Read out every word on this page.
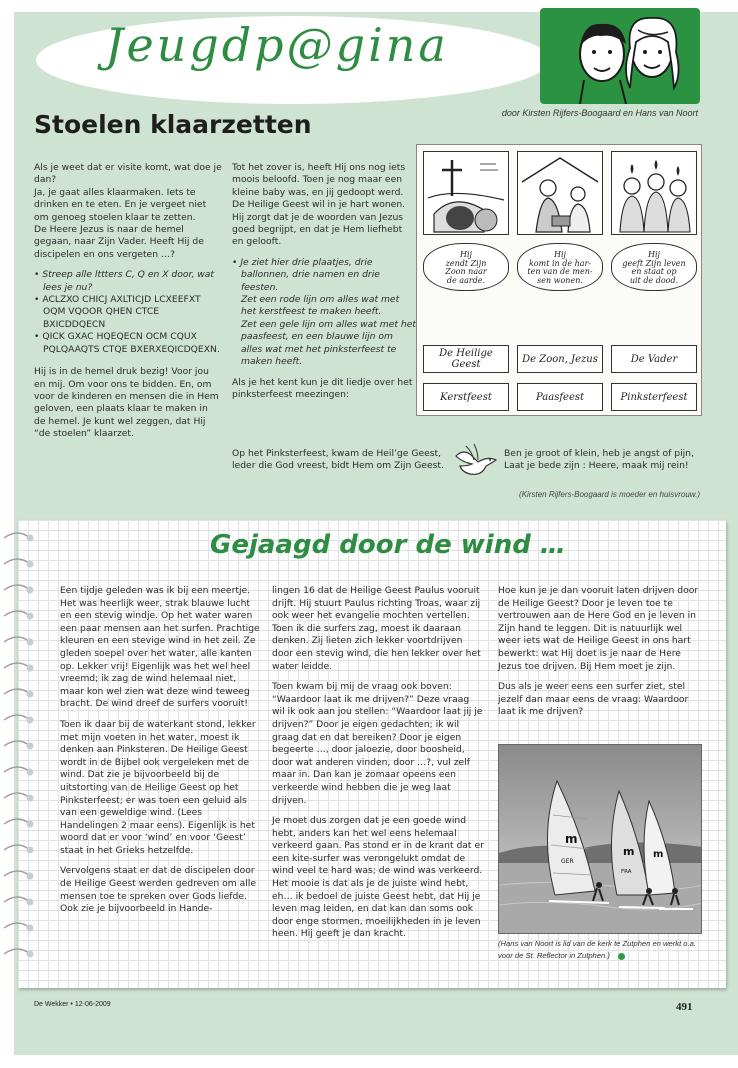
Jeugdp@gina
door Kirsten Rijfers-Boogaard en Hans van Noort
Stoelen klaarzetten

Als je weet dat er visite komt, wat doe je dan?
Ja, je gaat alles klaarmaken. Iets te drinken en te eten. En je vergeet niet om genoeg stoelen klaar te zetten.
De Heere Jezus is naar de hemel gegaan, naar Zijn Vader. Heeft Hij de discipelen en ons vergeten …?

• Streep alle lttters C, Q en X door, wat lees je nu?

• ACLZXO CHICJ AXLTICJD LCXEEFXT OQM VQOOR QHEN CTCE BXICDDQECN

• QICK GXAC HQEQECN OCM CQUX PQLQAAQTS CTQE BXERXEQICDQEXN.

Hij is in de hemel druk bezig! Voor jou en mij. Om voor ons te bidden. En, om voor de kinderen en mensen die in Hem geloven, een plaats klaar te maken in de hemel. Je kunt wel zeggen, dat Hij “de stoelen” klaarzet.

Tot het zover is, heeft Hij ons nog iets moois beloofd. Toen je nog maar een kleine baby was, en jij gedoopt werd. De Heilige Geest wil in je hart wonen. Hij zorgt dat je de woorden van Jezus goed begrijpt, en dat je Hem liefhebt en gelooft.

• Je ziet hier drie plaatjes, drie ballonnen, drie namen en drie feesten.
Zet een rode lijn om alles wat met het kerstfeest te maken heeft.
Zet een gele lijn om alles wat met het paasfeest, en een blauwe lijn om alles wat met het pinksterfeest te maken heeft.

Als je het kent kun je dit liedje over het pinksterfeest meezingen:

Hij
zendt Zijn
Zoon naar
de aarde.
Hij
komt in de har-
ten van de men-
sen wonen.
Hij
geeft Zijn leven
en staat op
uit de dood.
De Heilige Geest	De Zoon, Jezus	De Vader
Kerstfeest	Paasfeest	Pinksterfeest
Op het Pinksterfeest, kwam de Heil’ge Geest,
leder die God vreest, bidt Hem om Zijn Geest.
Ben je groot of klein, heb je angst of pijn,
Laat je bede zijn : Heere, maak mij rein!
(Kirsten Rijfers-Boogaard is moeder en huisvrouw.)
Gejaagd door de wind …

Een tijdje geleden was ik bij een meertje. Het was heerlijk weer, strak blauwe lucht en een stevig windje. Op het water waren een paar mensen aan het surfen. Prachtige kleuren en een stevige wind in het zeil. Ze gleden soepel over het water, alle kanten op. Lekker vrij! Eigenlijk was het wel heel vreemd; ik zag de wind helemaal niet, maar kon wel zien wat deze wind teweeg bracht. De wind dreef de surfers vooruit!

Toen ik daar bij de waterkant stond, lekker met mijn voeten in het water, moest ik denken aan Pinksteren. De Heilige Geest wordt in de Bijbel ook vergeleken met de wind. Dat zie je bijvoorbeeld bij de uitstorting van de Heilige Geest op het Pinksterfeest; er was toen een geluid als van een geweldige wind. (Lees Handelingen 2 maar eens). Eigenlijk is het woord dat er voor ‘wind’ en voor ‘Geest’ staat in het Grieks hetzelfde.

Vervolgens staat er dat de discipelen door de Heilige Geest werden gedreven om alle mensen toe te spreken over Gods liefde. Ook zie je bijvoorbeeld in Hande-

lingen 16 dat de Heilige Geest Paulus vooruit drijft. Hij stuurt Paulus richting Troas, waar zij ook weer het evangelie mochten vertellen. Toen ik die surfers zag, moest ik daaraan denken. Zij lieten zich lekker voortdrijven door een stevig wind, die hen lekker over het water leidde.

Toen kwam bij mij de vraag ook boven: “Waardoor laat ik me drijven?” Deze vraag wil ik ook aan jou stellen: “Waardoor laat jij je drijven?” Door je eigen gedachten; ik wil graag dat en dat bereiken? Door je eigen begeerte …, door jaloezie, door boosheid, door wat anderen vinden, door …?, vul zelf maar in. Dan kan je zomaar opeens een verkeerde wind hebben die je weg laat drijven.

Je moet dus zorgen dat je een goede wind hebt, anders kan het wel eens helemaal verkeerd gaan. Pas stond er in de krant dat er een kite-surfer was verongelukt omdat de wind veel te hard was; de wind was verkeerd. Het mooie is dat als je de juiste wind hebt, eh… ik bedoel de juiste Geest hebt, dat Hij je leven mag leiden, en dat kan dan soms ook door enge stormen, moeilijkheden in je leven heen. Hij geeft je dan kracht.

Hoe kun je je dan vooruit laten drijven door de Heilige Geest? Door je leven toe te vertrouwen aan de Here God en je leven in Zijn hand te leggen. Dit is natuurlijk wel weer iets wat de Heilige Geest in ons hart bewerkt: wat Hij doet is je naar de Here Jezus toe drijven. Bij Hem moet je zijn.

Dus als je weer eens een surfer ziet, stel jezelf dan maar eens de vraag: Waardoor laat ik me drijven?

m
GER
m
FRA
m
(Hans van Noort is lid van de kerk te Zutphen en werkt o.a. voor de St. Reflector in Zutphen.)
De Wekker • 12-06-2009	491
